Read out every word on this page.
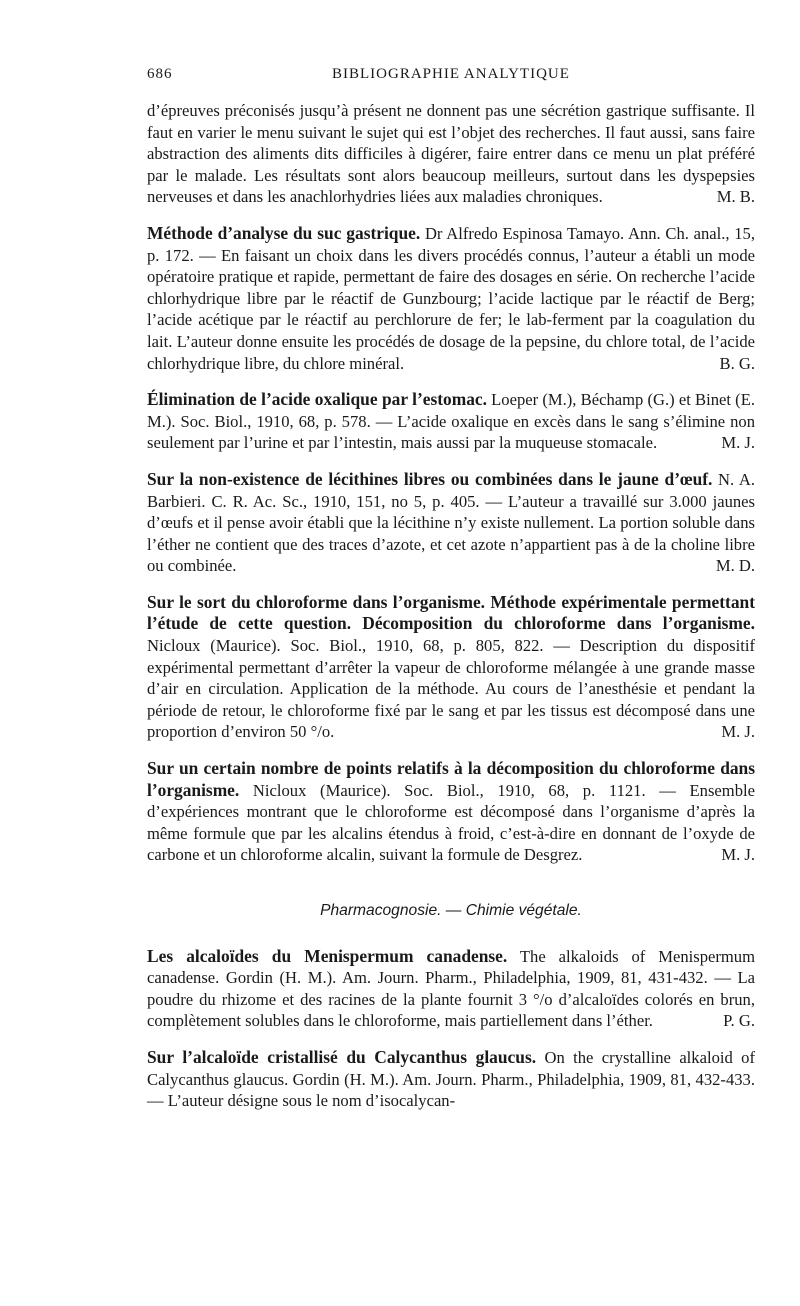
686	BIBLIOGRAPHIE ANALYTIQUE

d’épreuves préconisés jusqu’à présent ne donnent pas une sécrétion gastrique suffisante. Il faut en varier le menu suivant le sujet qui est l’objet des recherches. Il faut aussi, sans faire abstraction des aliments dits difficiles à digérer, faire entrer dans ce menu un plat préféré par le malade. Les résultats sont alors beaucoup meilleurs, surtout dans les dyspepsies nerveuses et dans les anachlorhydries liées aux maladies chroniques.	M. B.

Méthode d’analyse du suc gastrique. Dr Alfredo Espinosa Tamayo. Ann. Ch. anal., 15, p. 172. — En faisant un choix dans les divers procédés connus, l’auteur a établi un mode opératoire pratique et rapide, permettant de faire des dosages en série. On recherche l’acide chlorhydrique libre par le réactif de Gunzbourg; l’acide lactique par le réactif de Berg; l’acide acétique par le réactif au perchlorure de fer; le lab-ferment par la coagulation du lait. L’auteur donne ensuite les procédés de dosage de la pepsine, du chlore total, de l’acide chlorhydrique libre, du chlore minéral.	B. G.

Élimination de l’acide oxalique par l’estomac. Loeper (M.), Béchamp (G.) et Binet (E. M.). Soc. Biol., 1910, 68, p. 578. — L’acide oxalique en excès dans le sang s’élimine non seulement par l’urine et par l’intestin, mais aussi par la muqueuse stomacale.	M. J.

Sur la non-existence de lécithines libres ou combinées dans le jaune d’œuf. N. A. Barbieri. C. R. Ac. Sc., 1910, 151, no 5, p. 405. — L’auteur a travaillé sur 3.000 jaunes d’œufs et il pense avoir établi que la lécithine n’y existe nullement. La portion soluble dans l’éther ne contient que des traces d’azote, et cet azote n’appartient pas à de la choline libre ou combinée.	M. D.

Sur le sort du chloroforme dans l’organisme. Méthode expérimentale permettant l’étude de cette question. Décomposition du chloroforme dans l’organisme. Nicloux (Maurice). Soc. Biol., 1910, 68, p. 805, 822. — Description du dispositif expérimental permettant d’arrêter la vapeur de chloroforme mélangée à une grande masse d’air en circulation. Application de la méthode. Au cours de l’anesthésie et pendant la période de retour, le chloroforme fixé par le sang et par les tissus est décomposé dans une proportion d’environ 50 °/o.	M. J.

Sur un certain nombre de points relatifs à la décomposition du chloroforme dans l’organisme. Nicloux (Maurice). Soc. Biol., 1910, 68, p. 1121. — Ensemble d’expériences montrant que le chloroforme est décomposé dans l’organisme d’après la même formule que par les alcalins étendus à froid, c’est-à-dire en donnant de l’oxyde de carbone et un chloroforme alcalin, suivant la formule de Desgrez.	M. J.

Pharmacognosie. — Chimie végétale.

Les alcaloïdes du Menispermum canadense. The alkaloids of Menispermum canadense. Gordin (H. M.). Am. Journ. Pharm., Philadelphia, 1909, 81, 431-432. — La poudre du rhizome et des racines de la plante fournit 3 °/o d’alcaloïdes colorés en brun, complètement solubles dans le chloroforme, mais partiellement dans l’éther.	P. G.

Sur l’alcaloïde cristallisé du Calycanthus glaucus. On the crystalline alkaloid of Calycanthus glaucus. Gordin (H. M.). Am. Journ. Pharm., Philadelphia, 1909, 81, 432-433. — L’auteur désigne sous le nom d’isocalycan-
